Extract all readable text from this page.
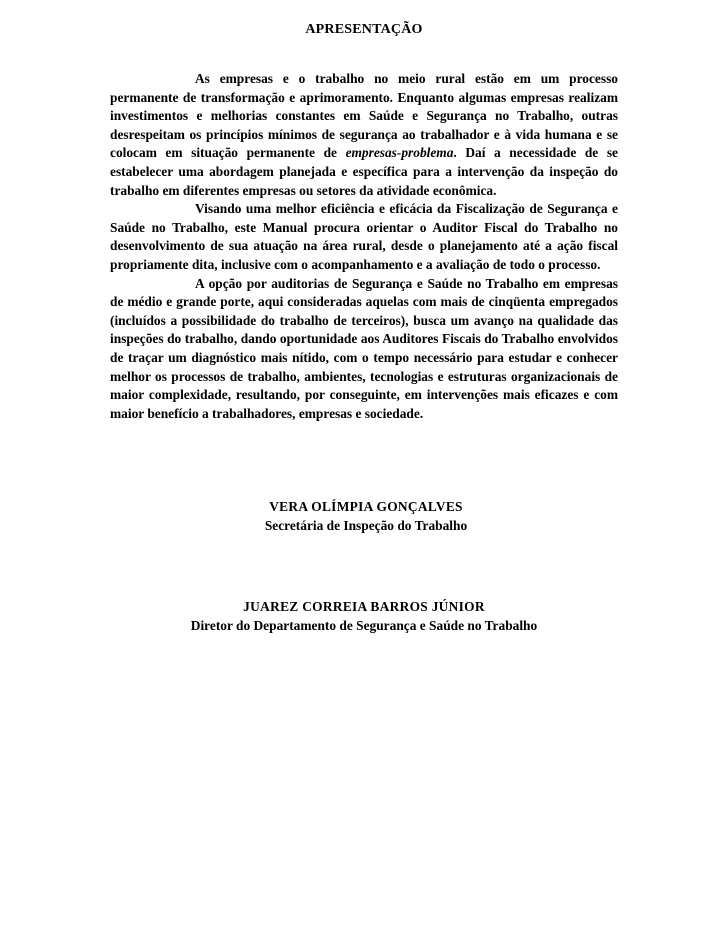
APRESENTAÇÃO

As empresas e o trabalho no meio rural estão em um processo permanente de transformação e aprimoramento. Enquanto algumas empresas realizam investimentos e melhorias constantes em Saúde e Segurança no Trabalho, outras desrespeitam os princípios mínimos de segurança ao trabalhador e à vida humana e se colocam em situação permanente de empresas-problema. Daí a necessidade de se estabelecer uma abordagem planejada e específica para a intervenção da inspeção do trabalho em diferentes empresas ou setores da atividade econômica.

Visando uma melhor eficiência e eficácia da Fiscalização de Segurança e Saúde no Trabalho, este Manual procura orientar o Auditor Fiscal do Trabalho no desenvolvimento de sua atuação na área rural, desde o planejamento até a ação fiscal propriamente dita, inclusive com o acompanhamento e a avaliação de todo o processo.

A opção por auditorias de Segurança e Saúde no Trabalho em empresas de médio e grande porte, aqui consideradas aquelas com mais de cinqüenta empregados (incluídos a possibilidade do trabalho de terceiros), busca um avanço na qualidade das inspeções do trabalho, dando oportunidade aos Auditores Fiscais do Trabalho envolvidos de traçar um diagnóstico mais nítido, com o tempo necessário para estudar e conhecer melhor os processos de trabalho, ambientes, tecnologias e estruturas organizacionais de maior complexidade, resultando, por conseguinte, em intervenções mais eficazes e com maior benefício a trabalhadores, empresas e sociedade.

VERA OLÍMPIA GONÇALVES
Secretária de Inspeção do Trabalho
JUAREZ CORREIA BARROS JÚNIOR
Diretor do Departamento de Segurança e Saúde no Trabalho
